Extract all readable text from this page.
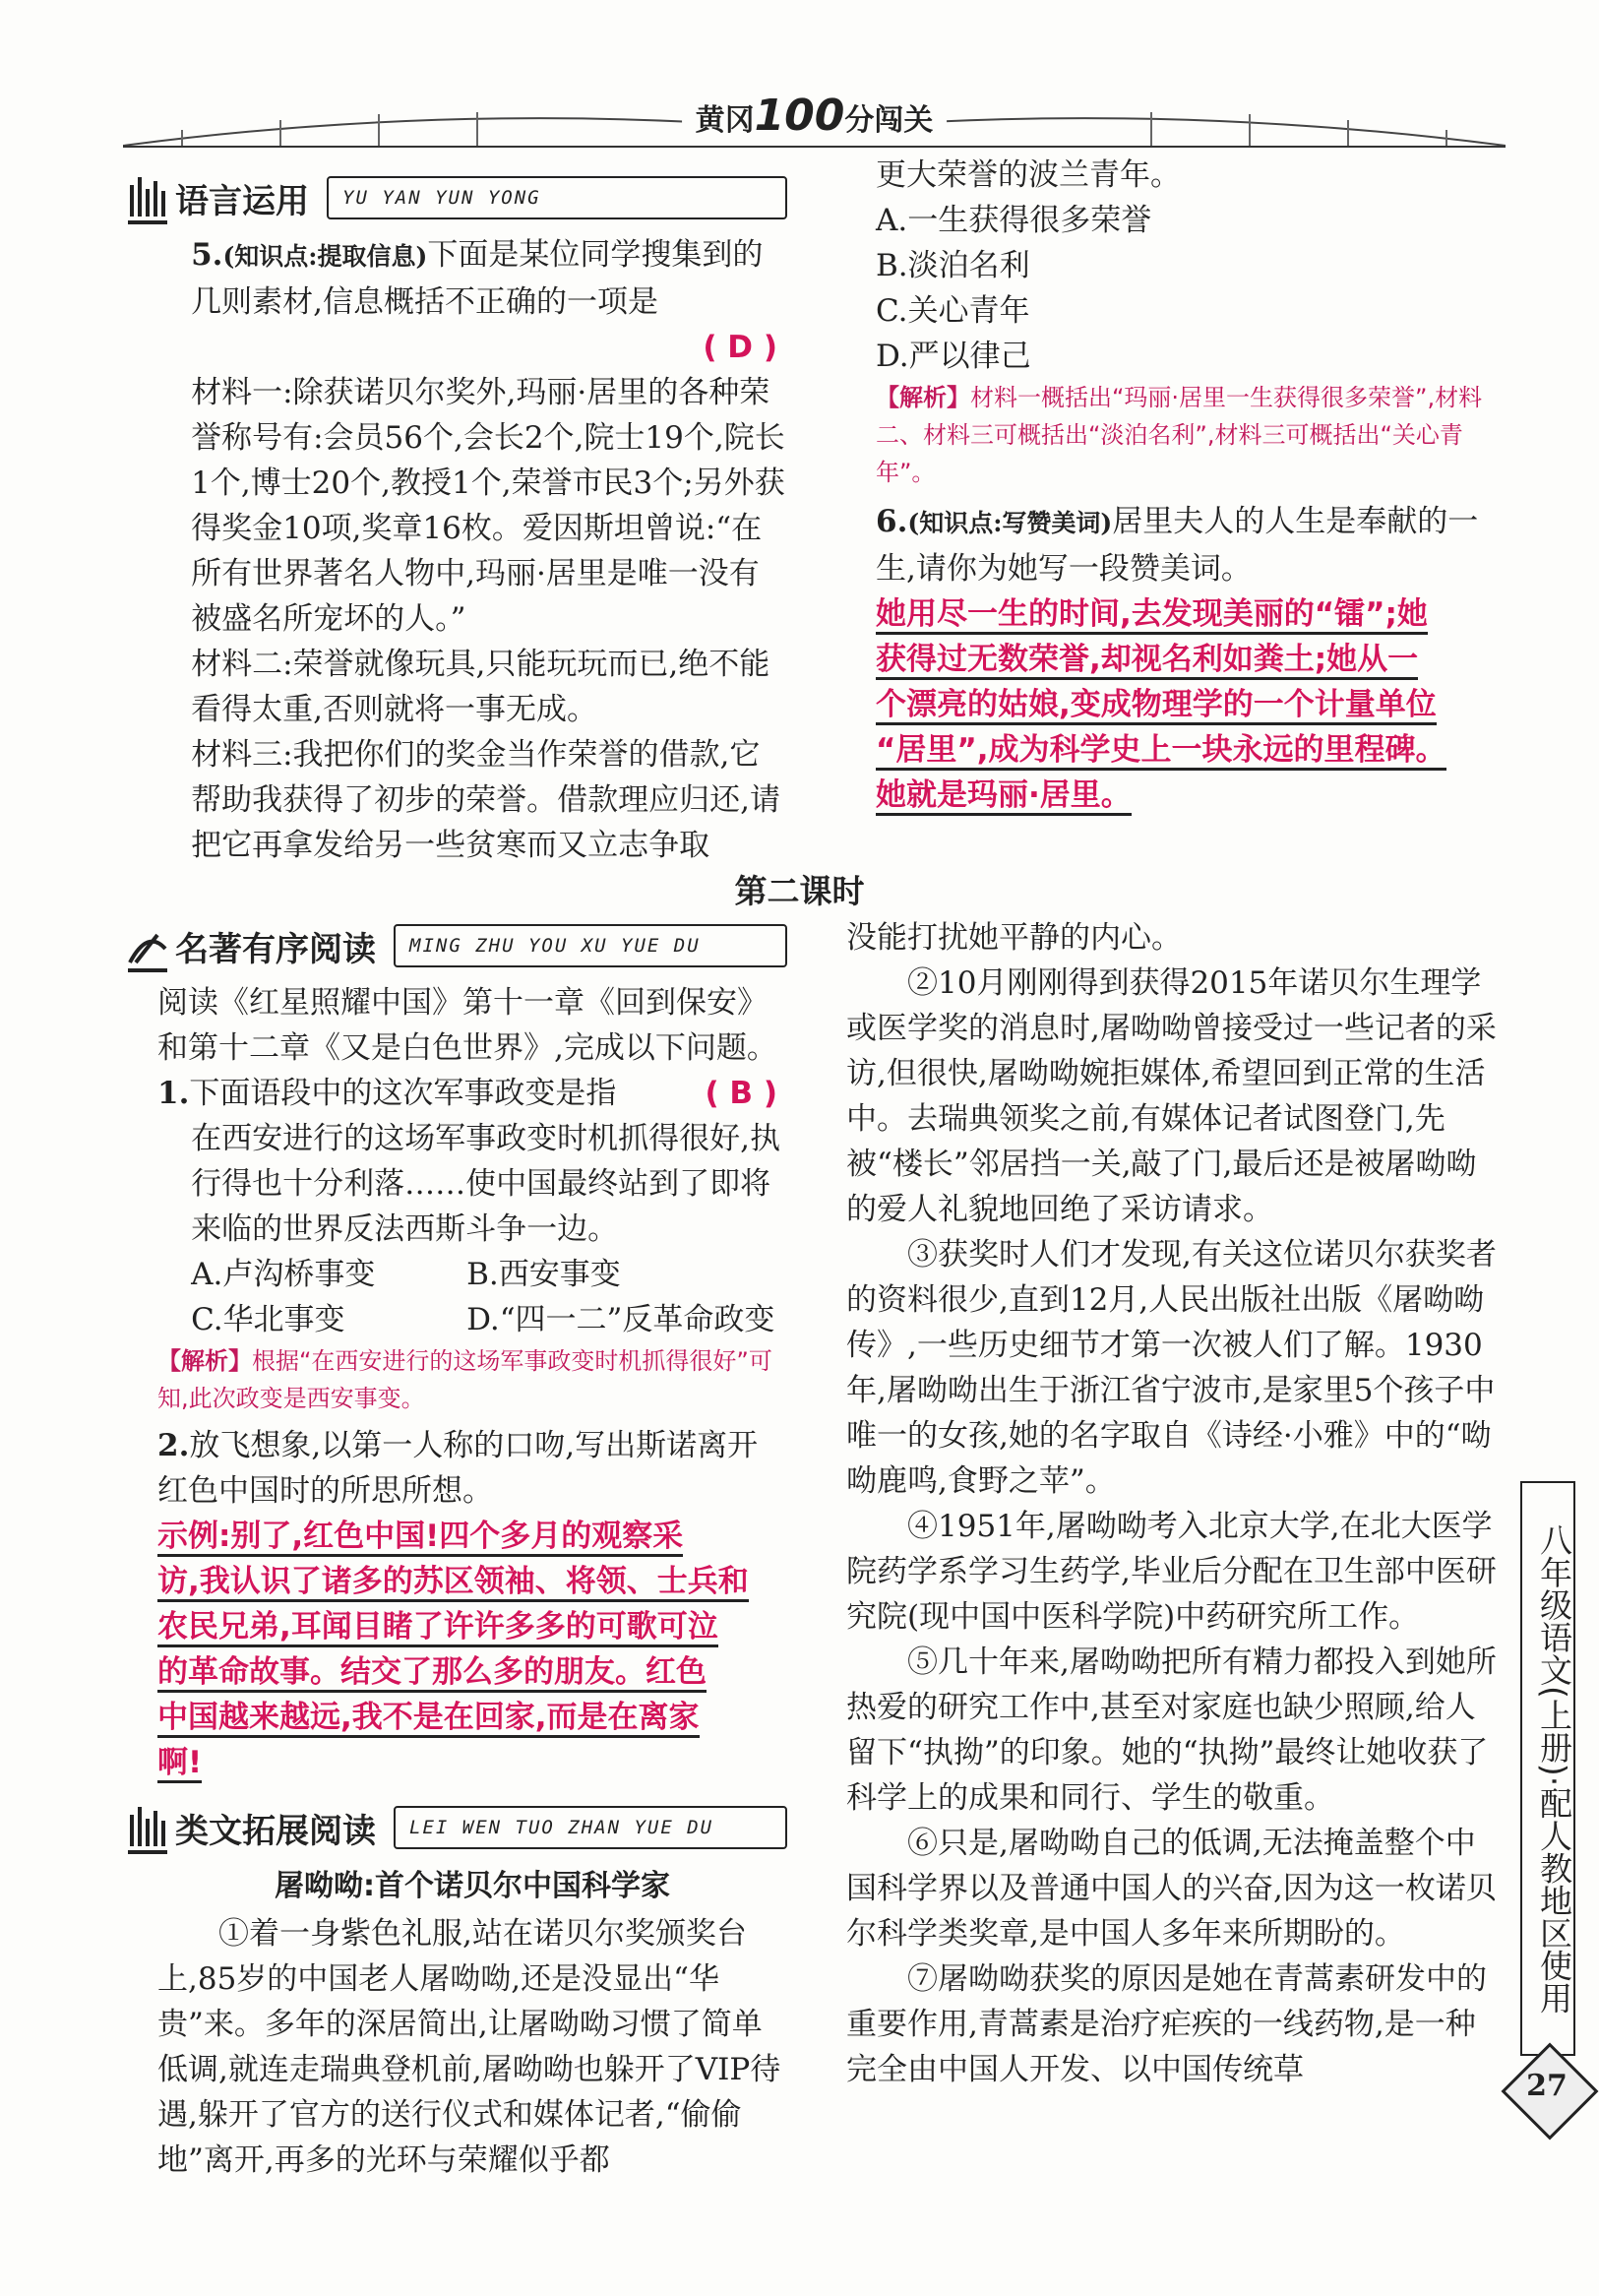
黄冈100分闯关
语言运用	YU YAN YUN YONG

5.(知识点:提取信息)下面是某位同学搜集到的几则素材,信息概括不正确的一项是

( D )

材料一:除获诺贝尔奖外,玛丽·居里的各种荣誉称号有:会员56个,会长2个,院士19个,院长1个,博士20个,教授1个,荣誉市民3个;另外获得奖金10项,奖章16枚。爱因斯坦曾说:“在所有世界著名人物中,玛丽·居里是唯一没有被盛名所宠坏的人。”

材料二:荣誉就像玩具,只能玩玩而已,绝不能看得太重,否则就将一事无成。

材料三:我把你们的奖金当作荣誉的借款,它帮助我获得了初步的荣誉。借款理应归还,请把它再拿发给另一些贫寒而又立志争取

更大荣誉的波兰青年。

A.一生获得很多荣誉

B.淡泊名利

C.关心青年

D.严以律己

【解析】材料一概括出“玛丽·居里一生获得很多荣誉”,材料二、材料三可概括出“淡泊名利”,材料三可概括出“关心青年”。

6.(知识点:写赞美词)居里夫人的人生是奉献的一生,请你为她写一段赞美词。

她用尽一生的时间,去发现美丽的“镭”;她

获得过无数荣誉,却视名利如粪土;她从一

个漂亮的姑娘,变成物理学的一个计量单位

“居里”,成为科学史上一块永远的里程碑。

她就是玛丽·居里。

第二课时
名著有序阅读	MING ZHU YOU XU YUE DU

阅读《红星照耀中国》第十一章《回到保安》和第十二章《又是白色世界》,完成以下问题。

1.下面语段中的这次军事政变是指	( B )

在西安进行的这场军事政变时机抓得很好,执行得也十分利落……使中国最终站到了即将来临的世界反法西斯斗争一边。

A.卢沟桥事变	B.西安事变
C.华北事变	D.“四一二”反革命政变

【解析】根据“在西安进行的这场军事政变时机抓得很好”可知,此次政变是西安事变。

2.放飞想象,以第一人称的口吻,写出斯诺离开红色中国时的所思所想。

示例:别了,红色中国!四个多月的观察采

访,我认识了诸多的苏区领袖、将领、士兵和

农民兄弟,耳闻目睹了许许多多的可歌可泣

的革命故事。结交了那么多的朋友。红色

中国越来越远,我不是在回家,而是在离家

啊!

类文拓展阅读	LEI WEN TUO ZHAN YUE DU

屠呦呦:首个诺贝尔中国科学家

①着一身紫色礼服,站在诺贝尔奖颁奖台上,85岁的中国老人屠呦呦,还是没显出“华贵”来。多年的深居简出,让屠呦呦习惯了简单低调,就连走瑞典登机前,屠呦呦也躲开了VIP待遇,躲开了官方的送行仪式和媒体记者,“偷偷地”离开,再多的光环与荣耀似乎都

没能打扰她平静的内心。

②10月刚刚得到获得2015年诺贝尔生理学或医学奖的消息时,屠呦呦曾接受过一些记者的采访,但很快,屠呦呦婉拒媒体,希望回到正常的生活中。去瑞典领奖之前,有媒体记者试图登门,先被“楼长”邻居挡一关,敲了门,最后还是被屠呦呦的爱人礼貌地回绝了采访请求。

③获奖时人们才发现,有关这位诺贝尔获奖者的资料很少,直到12月,人民出版社出版《屠呦呦传》,一些历史细节才第一次被人们了解。1930年,屠呦呦出生于浙江省宁波市,是家里5个孩子中唯一的女孩,她的名字取自《诗经·小雅》中的“呦呦鹿鸣,食野之苹”。

④1951年,屠呦呦考入北京大学,在北大医学院药学系学习生药学,毕业后分配在卫生部中医研究院(现中国中医科学院)中药研究所工作。

⑤几十年来,屠呦呦把所有精力都投入到她所热爱的研究工作中,甚至对家庭也缺少照顾,给人留下“执拗”的印象。她的“执拗”最终让她收获了科学上的成果和同行、学生的敬重。

⑥只是,屠呦呦自己的低调,无法掩盖整个中国科学界以及普通中国人的兴奋,因为这一枚诺贝尔科学类奖章,是中国人多年来所期盼的。

⑦屠呦呦获奖的原因是她在青蒿素研发中的重要作用,青蒿素是治疗疟疾的一线药物,是一种完全由中国人开发、以中国传统草

八年级语文(上册)·配人教地区使用
27
